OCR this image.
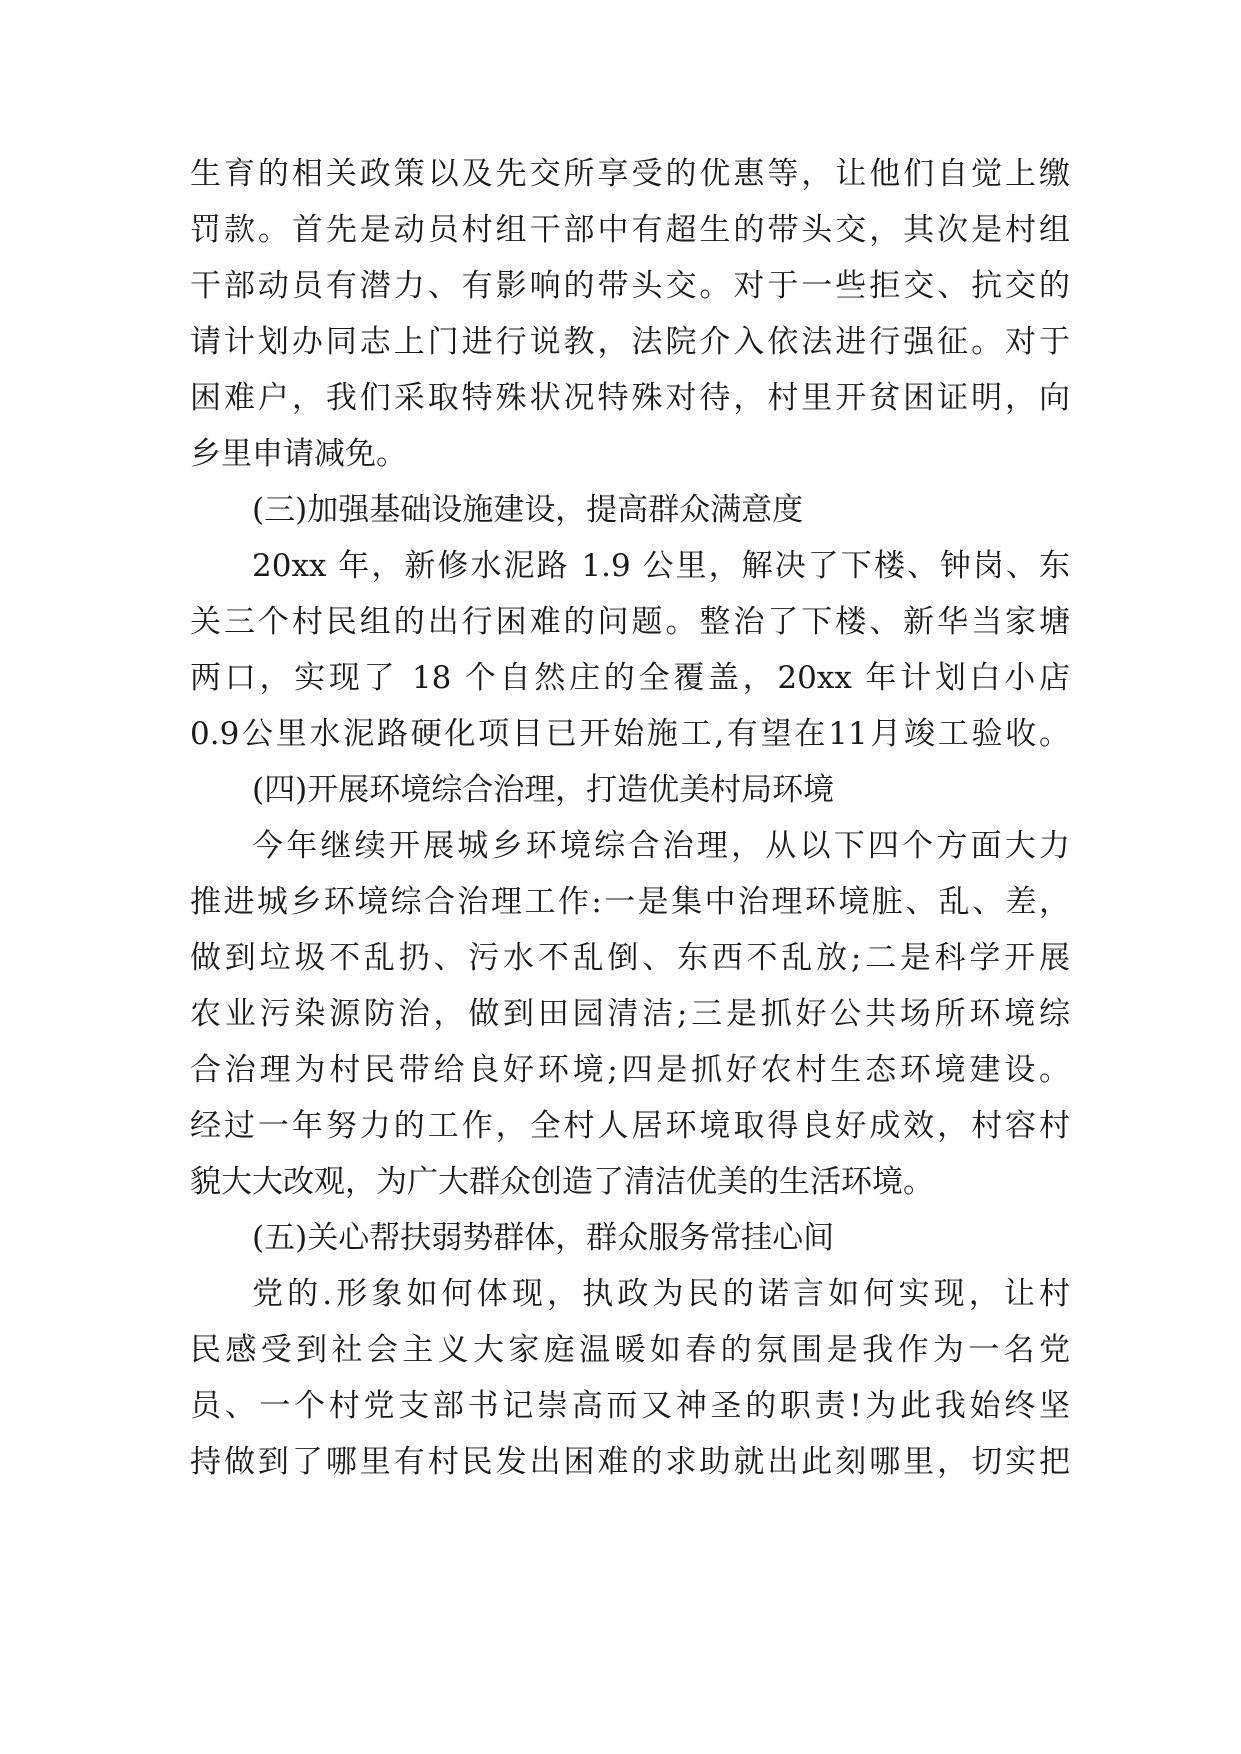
生育的相关政策以及先交所享受的优惠等，让他们自觉上缴
罚款。首先是动员村组干部中有超生的带头交，其次是村组
干部动员有潜力、有影响的带头交。对于一些拒交、抗交的
请计划办同志上门进行说教，法院介入依法进行强征。对于
困难户，我们采取特殊状况特殊对待，村里开贫困证明，向
乡里申请减免。
(三)加强基础设施建设，提高群众满意度
20xx 年，新修水泥路 1.9 公里，解决了下楼、钟岗、东
关三个村民组的出行困难的问题。整治了下楼、新华当家塘
两口，实现了 18 个自然庄的全覆盖，20xx 年计划白小店
0.9公里水泥路硬化项目已开始施工,有望在11月竣工验收。
(四)开展环境综合治理，打造优美村局环境
今年继续开展城乡环境综合治理，从以下四个方面大力
推进城乡环境综合治理工作:一是集中治理环境脏、乱、差，
做到垃圾不乱扔、污水不乱倒、东西不乱放;二是科学开展
农业污染源防治，做到田园清洁;三是抓好公共场所环境综
合治理为村民带给良好环境;四是抓好农村生态环境建设。
经过一年努力的工作，全村人居环境取得良好成效，村容村
貌大大改观，为广大群众创造了清洁优美的生活环境。
(五)关心帮扶弱势群体，群众服务常挂心间
党的.形象如何体现，执政为民的诺言如何实现，让村
民感受到社会主义大家庭温暖如春的氛围是我作为一名党
员、一个村党支部书记崇高而又神圣的职责!为此我始终坚
持做到了哪里有村民发出困难的求助就出此刻哪里，切实把
